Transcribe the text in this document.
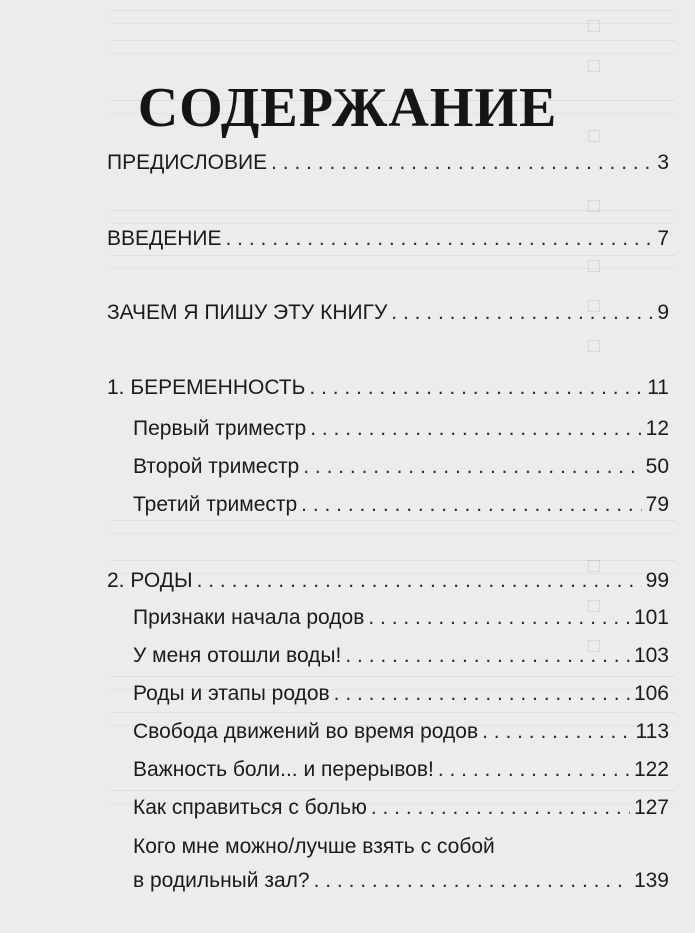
СОДЕРЖАНИЕ
ПРЕДИСЛОВИЕ . . .	3
ВВЕДЕНИЕ . . .	7
ЗАЧЕМ Я ПИШУ ЭТУ КНИГУ . . .	9
1. БЕРЕМЕННОСТЬ . . .	11
Первый триместр . . .	12
Второй триместр . . .	50
Третий триместр . . .	79
2. РОДЫ . . .	99
Признаки начала родов . . .	101
У меня отошли воды! . . .	103
Роды и этапы родов . . .	106
Свобода движений во время родов . . .	113
Важность боли... и перерывов! . . .	122
Как справиться с болью . . .	127
Кого мне можно/лучше взять с собой
в родильный зал? . . .	139
